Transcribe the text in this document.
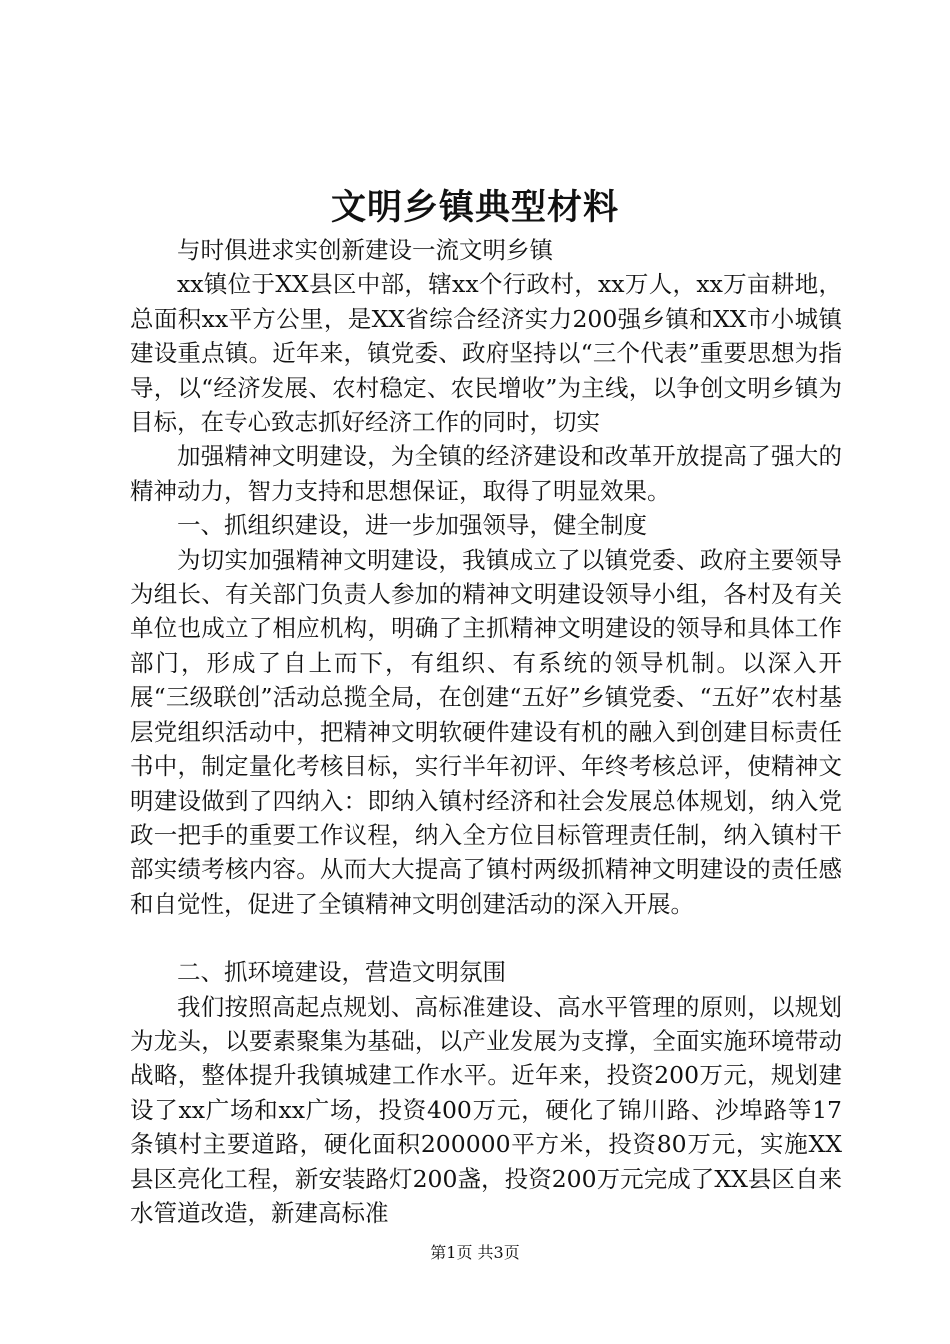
文明乡镇典型材料

与时俱进求实创新建设一流文明乡镇

xx镇位于XX县区中部，辖xx个行政村，xx万人，xx万亩耕地，总面积xx平方公里，是XX省综合经济实力200强乡镇和XX市小城镇建设重点镇。近年来，镇党委、政府坚持以“三个代表”重要思想为指导，以“经济发展、农村稳定、农民增收”为主线，以争创文明乡镇为目标，在专心致志抓好经济工作的同时，切实

加强精神文明建设，为全镇的经济建设和改革开放提高了强大的精神动力，智力支持和思想保证，取得了明显效果。

一、抓组织建设，进一步加强领导，健全制度

为切实加强精神文明建设，我镇成立了以镇党委、政府主要领导为组长、有关部门负责人参加的精神文明建设领导小组，各村及有关单位也成立了相应机构，明确了主抓精神文明建设的领导和具体工作部门，形成了自上而下，有组织、有系统的领导机制。以深入开展“三级联创”活动总揽全局，在创建“五好”乡镇党委、“五好”农村基层党组织活动中，把精神文明软硬件建设有机的融入到创建目标责任书中，制定量化考核目标，实行半年初评、年终考核总评，使精神文明建设做到了四纳入：即纳入镇村经济和社会发展总体规划，纳入党政一把手的重要工作议程，纳入全方位目标管理责任制，纳入镇村干部实绩考核内容。从而大大提高了镇村两级抓精神文明建设的责任感和自觉性，促进了全镇精神文明创建活动的深入开展。

二、抓环境建设，营造文明氛围

我们按照高起点规划、高标准建设、高水平管理的原则，以规划为龙头，以要素聚集为基础，以产业发展为支撑，全面实施环境带动战略，整体提升我镇城建工作水平。近年来，投资200万元，规划建设了xx广场和xx广场，投资400万元，硬化了锦川路、沙埠路等17条镇村主要道路，硬化面积200000平方米，投资80万元，实施XX县区亮化工程，新安装路灯200盏，投资200万元完成了XX县区自来水管道改造，新建高标准

第1页 共3页
